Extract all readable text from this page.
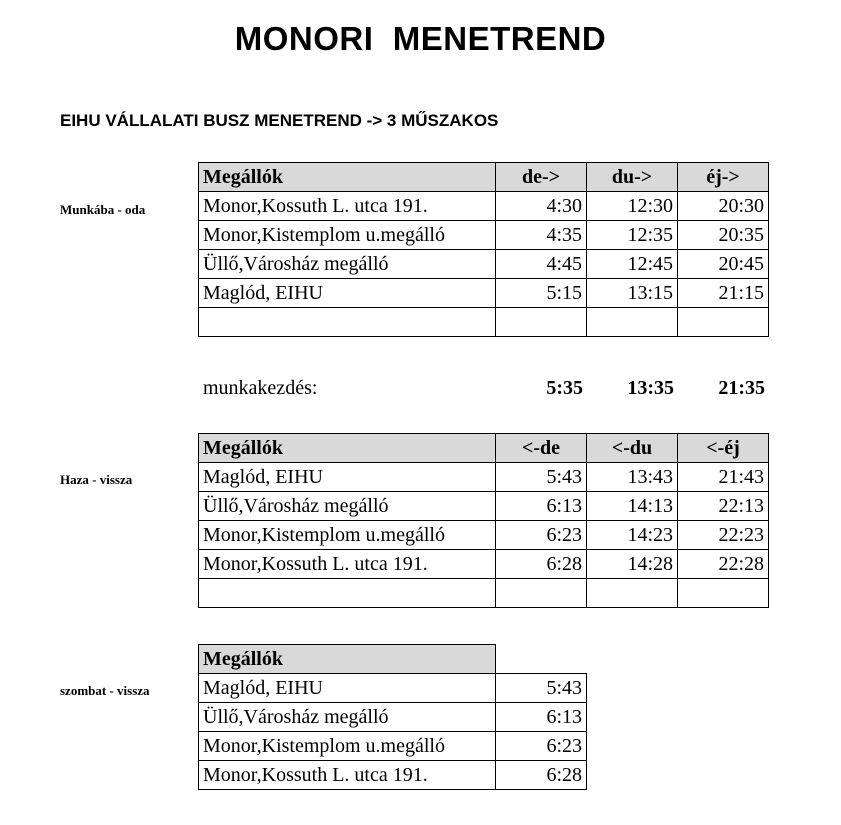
MONORI  MENETREND
EIHU VÁLLALATI BUSZ MENETREND -> 3 MŰSZAKOS
Munkába - oda
Megállók	de->	du->	éj->
Monor,Kossuth L. utca 191.	4:30	12:30	20:30
Monor,Kistemplom u.megálló	4:35	12:35	20:35
Üllő,Városház megálló	4:45	12:45	20:45
Maglód, EIHU	5:15	13:15	21:15

munkakezdés:	5:35	13:35	21:35
Haza - vissza
Megállók	<-de	<-du	<-éj
Maglód, EIHU	5:43	13:43	21:43
Üllő,Városház megálló	6:13	14:13	22:13
Monor,Kistemplom u.megálló	6:23	14:23	22:23
Monor,Kossuth L. utca 191.	6:28	14:28	22:28

szombat - vissza
Megállók	
Maglód, EIHU	5:43
Üllő,Városház megálló	6:13
Monor,Kistemplom u.megálló	6:23
Monor,Kossuth L. utca 191.	6:28
